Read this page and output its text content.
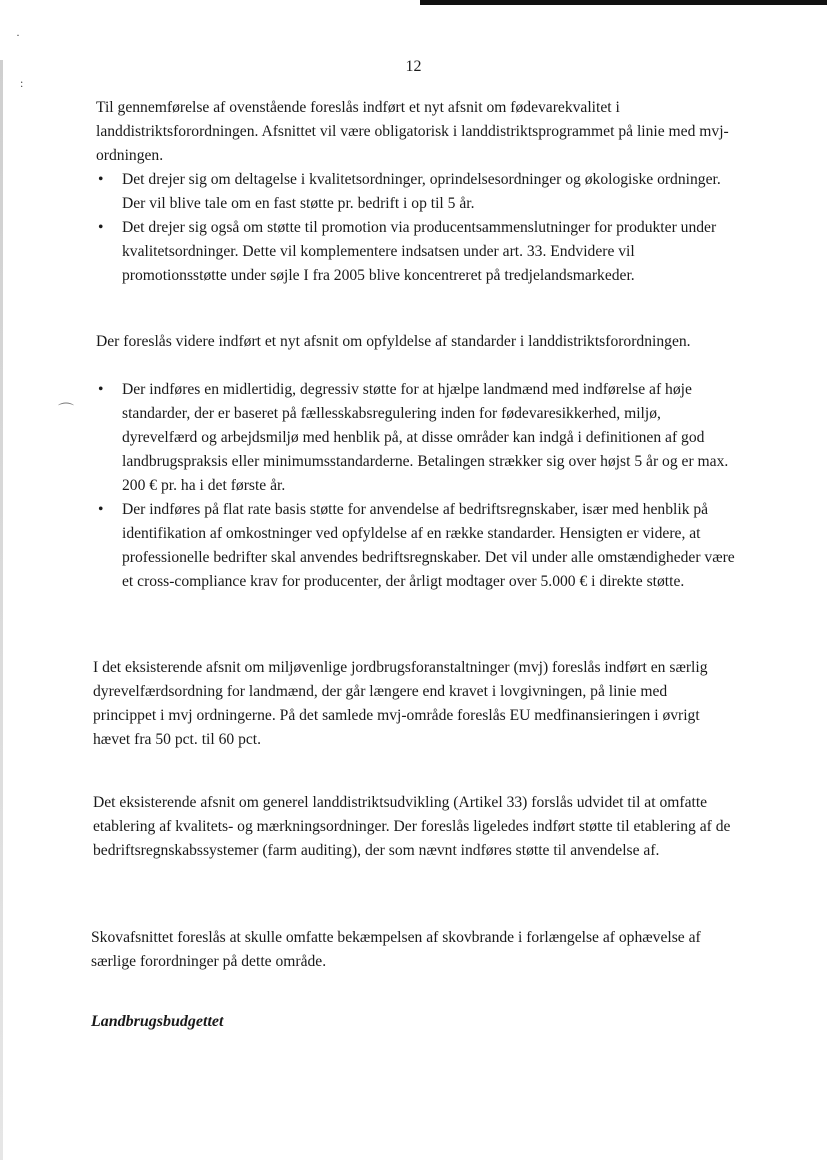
·
:
⌒
12

Til gennemførelse af ovenstående foreslås indført et nyt afsnit om fødevarekvalitet i landdistriktsforordningen. Afsnittet vil være obligatorisk i landdistriktsprogrammet på linie med mvj-ordningen.

• Det drejer sig om deltagelse i kvalitetsordninger, oprindelsesordninger og økologiske ordninger. Der vil blive tale om en fast støtte pr. bedrift i op til 5 år.
• Det drejer sig også om støtte til promotion via producentsammenslutninger for produkter under kvalitetsordninger. Dette vil komplementere indsatsen under art. 33. Endvidere vil promotionsstøtte under søjle I fra 2005 blive koncentreret på tredjelandsmarkeder.

Der foreslås videre indført et nyt afsnit om opfyldelse af standarder i landdistriktsforordningen.

• Der indføres en midlertidig, degressiv støtte for at hjælpe landmænd med indførelse af høje standarder, der er baseret på fællesskabsregulering inden for fødevaresikkerhed, miljø, dyrevelfærd og arbejdsmiljø med henblik på, at disse områder kan indgå i definitionen af god landbrugspraksis eller minimumsstandarderne. Betalingen strækker sig over højst 5 år og er max. 200 € pr. ha i det første år.
• Der indføres på flat rate basis støtte for anvendelse af bedriftsregnskaber, især med henblik på identifikation af omkostninger ved opfyldelse af en række standarder. Hensigten er videre, at professionelle bedrifter skal anvendes bedriftsregnskaber. Det vil under alle omstændigheder være et cross-compliance krav for producenter, der årligt modtager over 5.000 € i direkte støtte.

I det eksisterende afsnit om miljøvenlige jordbrugsforanstaltninger (mvj) foreslås indført en særlig dyrevelfærdsordning for landmænd, der går længere end kravet i lovgivningen, på linie med princippet i mvj ordningerne. På det samlede mvj-område foreslås EU medfinansieringen i øvrigt hævet fra 50 pct. til 60 pct.

Det eksisterende afsnit om generel landdistriktsudvikling (Artikel 33) forslås udvidet til at omfatte etablering af kvalitets- og mærkningsordninger. Der foreslås ligeledes indført støtte til etablering af de bedriftsregnskabssystemer (farm auditing), der som nævnt indføres støtte til anvendelse af.

Skovafsnittet foreslås at skulle omfatte bekæmpelsen af skovbrande i forlængelse af ophævelse af særlige forordninger på dette område.

Landbrugsbudgettet
